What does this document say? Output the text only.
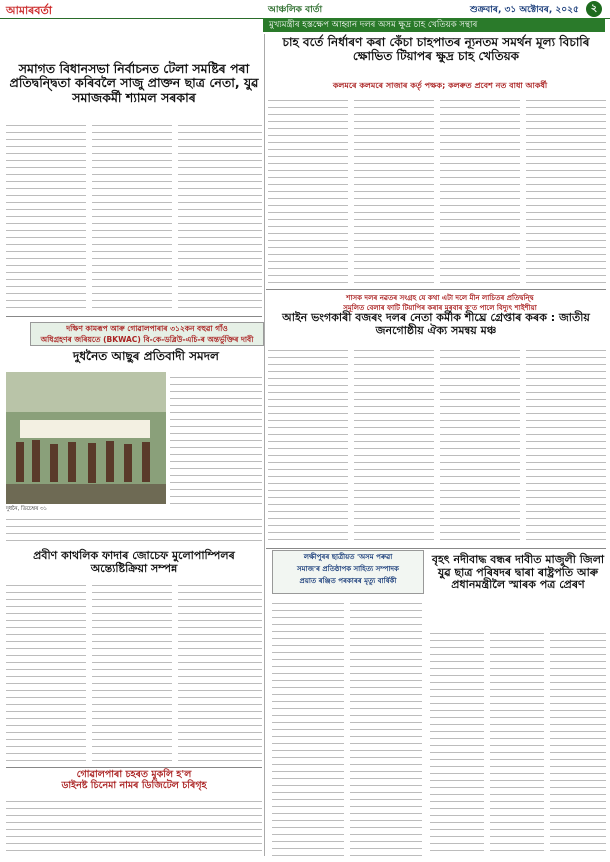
আমাৰবৰ্তা	আঞ্চলিক বাৰ্তা	শুক্রবাৰ, ৩১ অক্টোবৰ, ২০২৫	২
মুখ্যমন্ত্ৰীৰ হস্তক্ষেপ আহ্বান দলৰ অসম ক্ষুদ্র চাহ খেতিয়ক সন্থাৰ
সমাগত বিধানসভা নিৰ্বাচনত টেলা সমষ্টিৰ পৰা প্ৰতিদ্বন্দ্বিতা কৰিবলৈ সাজু প্ৰাক্তন ছাত্ৰ নেতা, যুৱ সমাজকৰ্মী শ্যামল সৰকাৰ
চাহ বৰ্তে নিৰ্ধাৰণ কৰা কেঁচা চাহপাতৰ ন্যূনতম সমৰ্থন মূল্য বিচাৰি ক্ষোভিত টিয়াপৰ ক্ষুদ্র চাহ খেতিয়ক
কলমৰে কলমৰে সাজাৰ কৰ্তৃ পক্ষক; কলৰুত প্ৰবেশ নত বাধা আকৰ্ষী
দক্ষিণ কামৰূপ আৰু গোৱালপাৰাৰ ৩১২কন বহুৱা গাঁও
অধিগ্ৰহণৰ জৰিয়তে (BKWAC) বি-কে-ডব্লিউ-এচি-ৰ অন্তৰ্ভুক্তিৰ দাবী
দুধনৈত আছুৰ প্ৰতিবাদী সমদল
দুধনৈ, ডিচেম্বৰ ৩১
প্ৰবীণ কাথলিক ফাদাৰ জোচেফ মুলোপাম্পিলৰ অন্ত্যেষ্টিক্ৰিয়া সম্পন্ন
গোৱালপাৰা চহৰত মুকলি হ'ল
ডাইনষ্ট চিনেমা নামৰ ডিজিটেল চৰিগৃহ
শাসক দলৰ নৱতৰ সংগ্ৰহ যে কথা এটা দলে মীন লাচিতৰ প্ৰতিদ্বন্দ্বি
সমূলিত বেলাৰ ফাটি টিয়াপিৰ কৰাৰ মৰবাৰ ক'ত পালে বিদ্যুৎ শাইশীয়া
আইন ভংগকাৰী বজৰং দলৰ নেতা কৰ্মীক শীঘ্ৰে গ্ৰেপ্তাৰ কৰক : জাতীয় জনগোষ্ঠীয় ঐক্য সমন্বয় মঞ্চ
লক্ষীপুৰৰ ছাত্ৰীয়ত 'অসম পৰুৱা
সমাজ'ৰ প্ৰতিষ্ঠাপক সাহিত্য সম্পাদক
প্ৰয়াত ৰঞ্জিত পৰকাৰৰ মৃত্যু বাৰ্ষিকী
বৃহৎ নদীবাদ্ধ বন্ধৰ দাবীত মাজুলী জিলা যুৱ ছাত্ৰ পৰিষদৰ দ্বাৰা ৰাষ্ট্ৰপতি আৰু প্ৰধানমন্ত্ৰীলৈ স্মাৰক পত্ৰ প্ৰেৰণ
